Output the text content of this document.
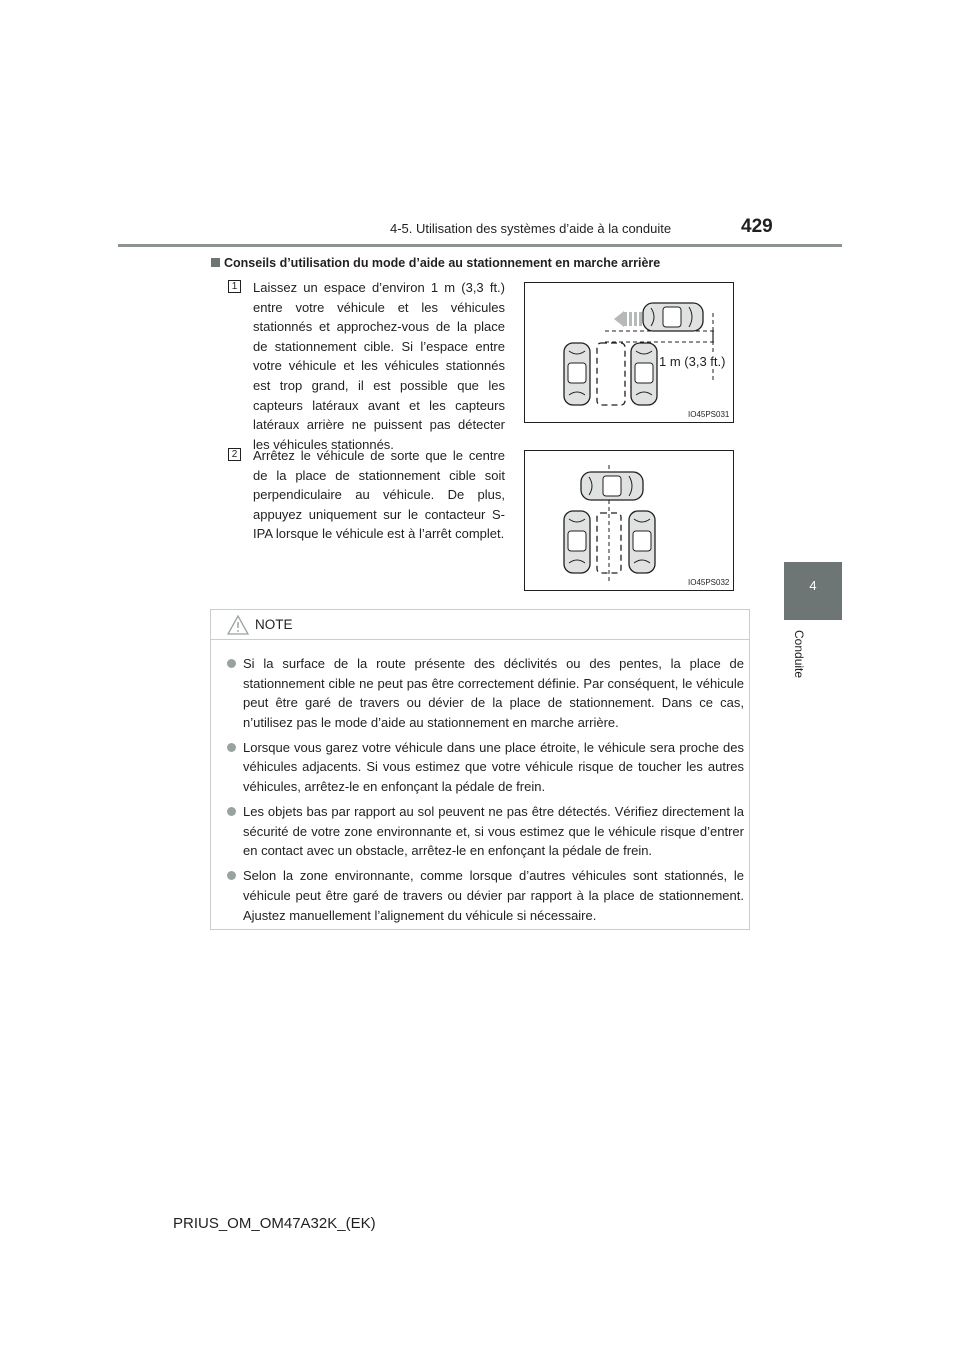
4-5. Utilisation des systèmes d’aide à la conduite	429
4
Conduite
Conseils d’utilisation du mode d’aide au stationnement en marche arrière
1 Laissez un espace d’environ 1 m (3,3 ft.) entre votre véhicule et les véhicules stationnés et approchez-vous de la place de stationnement cible. Si l’espace entre votre véhicule et les véhicules stationnés est trop grand, il est possible que les capteurs latéraux avant et les capteurs latéraux arrière ne puissent pas détecter les véhicules stationnés.
1 m (3,3 ft.)
IO45PS031
2 Arrêtez le véhicule de sorte que le centre de la place de stationnement cible soit perpendiculaire au véhicule. De plus, appuyez uniquement sur le contacteur S-IPA lorsque le véhicule est à l’arrêt complet.
IO45PS032
NOTE
Si la surface de la route présente des déclivités ou des pentes, la place de stationnement cible ne peut pas être correctement définie. Par conséquent, le véhicule peut être garé de travers ou dévier de la place de stationnement. Dans ce cas, n’utilisez pas le mode d’aide au stationnement en marche arrière.
Lorsque vous garez votre véhicule dans une place étroite, le véhicule sera proche des véhicules adjacents. Si vous estimez que votre véhicule risque de toucher les autres véhicules, arrêtez-le en enfonçant la pédale de frein.
Les objets bas par rapport au sol peuvent ne pas être détectés. Vérifiez directement la sécurité de votre zone environnante et, si vous estimez que le véhicule risque d’entrer en contact avec un obstacle, arrêtez-le en enfonçant la pédale de frein.
Selon la zone environnante, comme lorsque d’autres véhicules sont stationnés, le véhicule peut être garé de travers ou dévier par rapport à la place de stationnement. Ajustez manuellement l’alignement du véhicule si nécessaire.
PRIUS_OM_OM47A32K_(EK)
